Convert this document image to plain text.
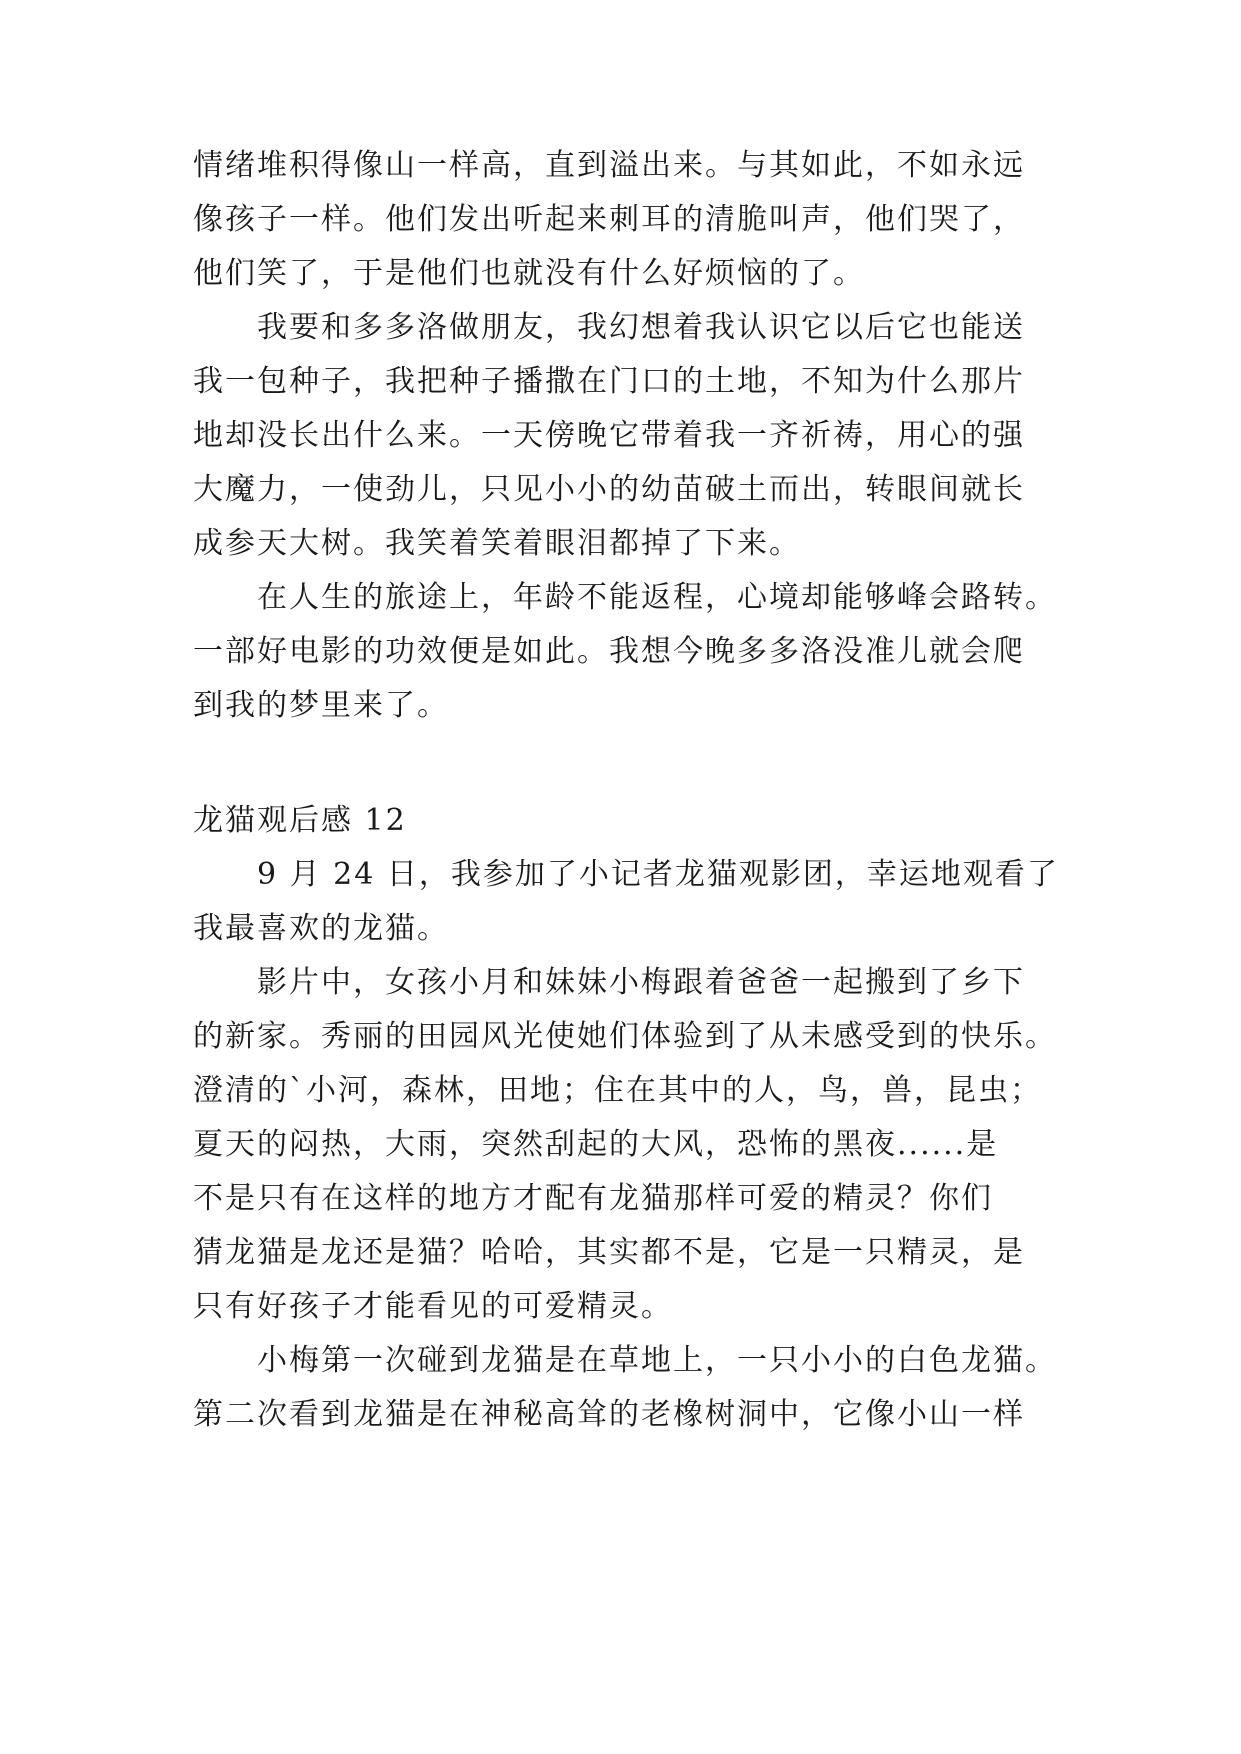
情绪堆积得像山一样高，直到溢出来。与其如此，不如永远
像孩子一样。他们发出听起来刺耳的清脆叫声，他们哭了，
他们笑了，于是他们也就没有什么好烦恼的了。
我要和多多洛做朋友，我幻想着我认识它以后它也能送
我一包种子，我把种子播撒在门口的土地，不知为什么那片
地却没长出什么来。一天傍晚它带着我一齐祈祷，用心的强
大魔力，一使劲儿，只见小小的幼苗破土而出，转眼间就长
成参天大树。我笑着笑着眼泪都掉了下来。
在人生的旅途上，年龄不能返程，心境却能够峰会路转。
一部好电影的功效便是如此。我想今晚多多洛没准儿就会爬
到我的梦里来了。
龙猫观后感 12
9 月 24 日，我参加了小记者龙猫观影团，幸运地观看了
我最喜欢的龙猫。
影片中，女孩小月和妹妹小梅跟着爸爸一起搬到了乡下
的新家。秀丽的田园风光使她们体验到了从未感受到的快乐。
澄清的`小河，森林，田地；住在其中的人，鸟，兽，昆虫；
夏天的闷热，大雨，突然刮起的大风，恐怖的黑夜......是
不是只有在这样的地方才配有龙猫那样可爱的精灵？你们
猜龙猫是龙还是猫？哈哈，其实都不是，它是一只精灵，是
只有好孩子才能看见的可爱精灵。
小梅第一次碰到龙猫是在草地上，一只小小的白色龙猫。
第二次看到龙猫是在神秘高耸的老橡树洞中，它像小山一样
